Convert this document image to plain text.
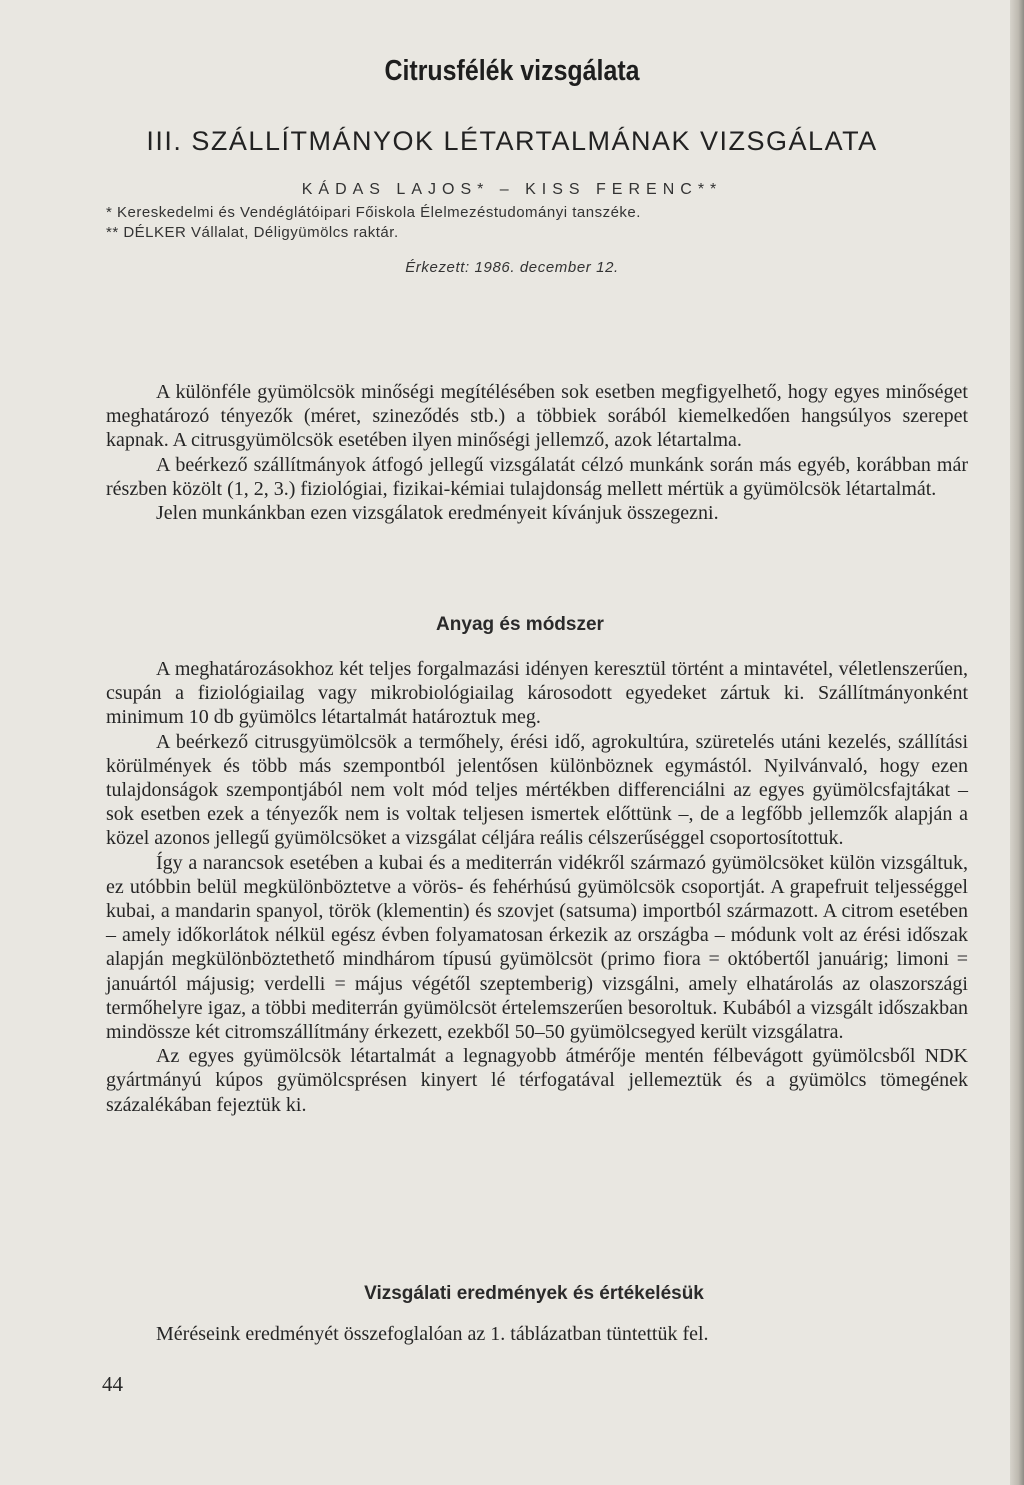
Citrusfélék vizsgálata
III. SZÁLLÍTMÁNYOK LÉTARTALMÁNAK VIZSGÁLATA
KÁDAS LAJOS* – KISS FERENC**
* Kereskedelmi és Vendéglátóipari Főiskola Élelmezéstudományi tanszéke.
** DÉLKER Vállalat, Déligyümölcs raktár.
Érkezett: 1986. december 12.

A különféle gyümölcsök minőségi megítélésében sok esetben megfigyelhető, hogy egyes minőséget meghatározó tényezők (méret, szineződés stb.) a többiek sorából kiemelkedően hangsúlyos szerepet kapnak. A citrusgyümölcsök esetében ilyen minőségi jellemző, azok létartalma.

A beérkező szállítmányok átfogó jellegű vizsgálatát célzó munkánk során más egyéb, korábban már részben közölt (1, 2, 3.) fiziológiai, fizikai-kémiai tulajdonság mellett mértük a gyümölcsök létartalmát.

Jelen munkánkban ezen vizsgálatok eredményeit kívánjuk összegezni.

Anyag és módszer

A meghatározásokhoz két teljes forgalmazási idényen keresztül történt a mintavétel, véletlenszerűen, csupán a fiziológiailag vagy mikrobiológiailag károsodott egyedeket zártuk ki. Szállítmányonként minimum 10 db gyümölcs létartalmát határoztuk meg.

A beérkező citrusgyümölcsök a termőhely, érési idő, agrokultúra, szüretelés utáni kezelés, szállítási körülmények és több más szempontból jelentősen különböznek egymástól. Nyilvánvaló, hogy ezen tulajdonságok szempontjából nem volt mód teljes mértékben differenciálni az egyes gyümölcsfajtákat – sok esetben ezek a tényezők nem is voltak teljesen ismertek előttünk –, de a legfőbb jellemzők alapján a közel azonos jellegű gyümölcsöket a vizsgálat céljára reális célszerűséggel csoportosítottuk.

Így a narancsok esetében a kubai és a mediterrán vidékről származó gyümölcsöket külön vizsgáltuk, ez utóbbin belül megkülönböztetve a vörös- és fehérhúsú gyümölcsök csoportját. A grapefruit teljességgel kubai, a mandarin spanyol, török (klementin) és szovjet (satsuma) importból származott. A citrom esetében – amely időkorlátok nélkül egész évben folyamatosan érkezik az országba – módunk volt az érési időszak alapján megkülönböztethető mindhárom típusú gyümölcsöt (primo fiora = októbertől januárig; limoni = januártól májusig; verdelli = május végétől szeptemberig) vizsgálni, amely elhatárolás az olaszországi termőhelyre igaz, a többi mediterrán gyümölcsöt értelemszerűen besoroltuk. Kubából a vizsgált időszakban mindössze két citromszállítmány érkezett, ezekből 50–50 gyümölcsegyed került vizsgálatra.

Az egyes gyümölcsök létartalmát a legnagyobb átmérője mentén félbevágott gyümölcsből NDK gyártmányú kúpos gyümölcsprésen kinyert lé térfogatával jellemeztük és a gyümölcs tömegének százalékában fejeztük ki.

Vizsgálati eredmények és értékelésük

Méréseink eredményét összefoglalóan az 1. táblázatban tüntettük fel.

44
